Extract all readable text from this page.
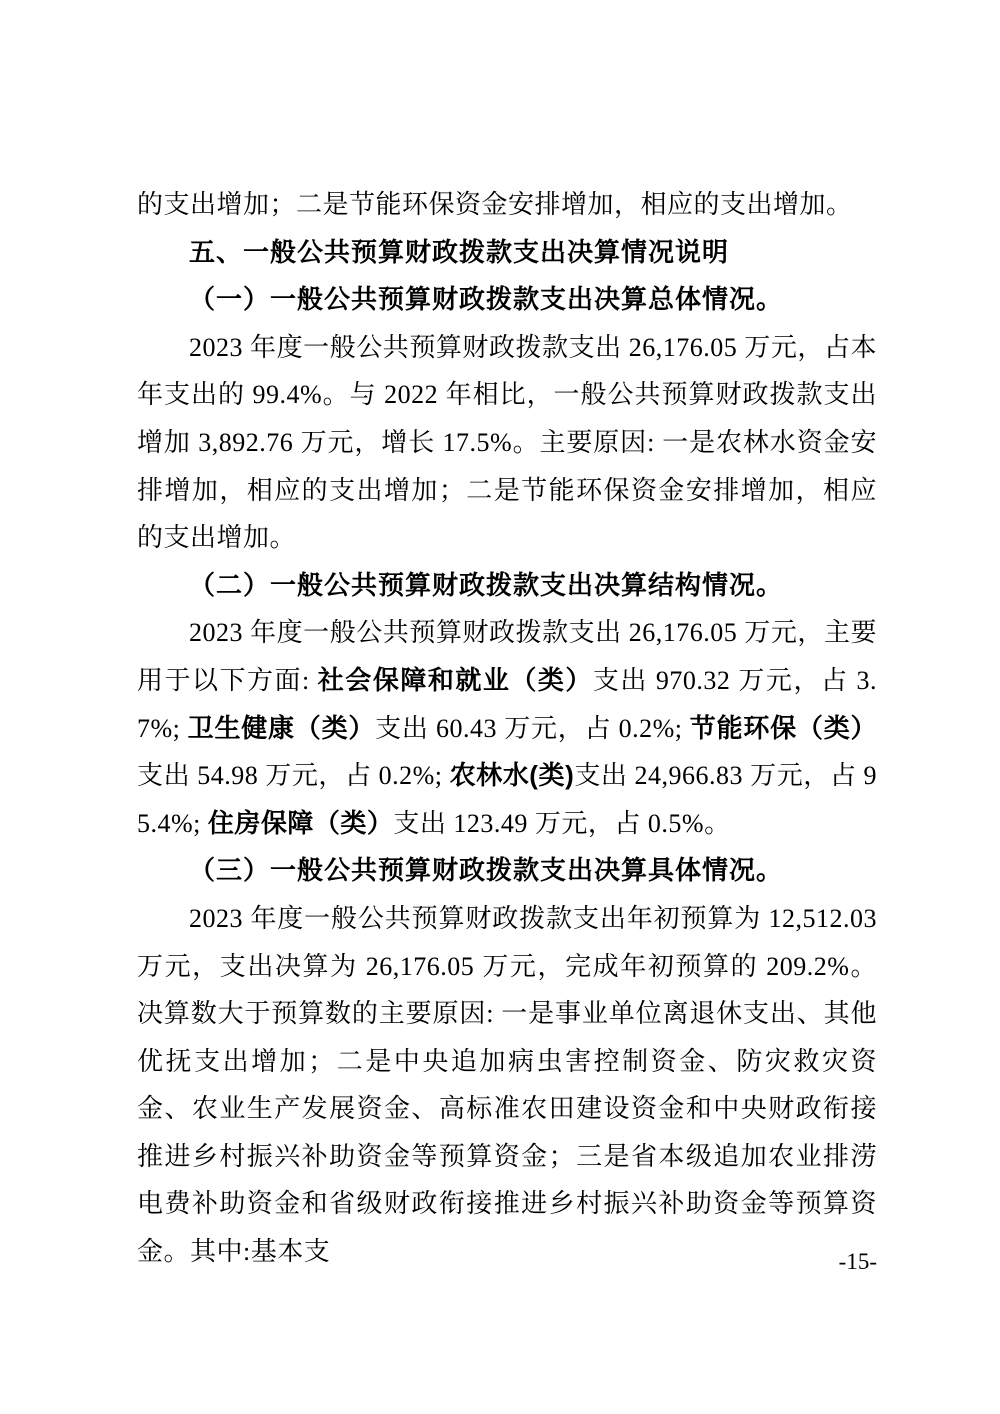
的支出增加；二是节能环保资金安排增加，相应的支出增加。

五、一般公共预算财政拨款支出决算情况说明

（一）一般公共预算财政拨款支出决算总体情况。

2023 年度一般公共预算财政拨款支出 26,176.05 万元，占本年支出的 99.4%。与 2022 年相比，一般公共预算财政拨款支出增加 3,892.76 万元，增长 17.5%。主要原因: 一是农林水资金安排增加，相应的支出增加；二是节能环保资金安排增加，相应的支出增加。

（二）一般公共预算财政拨款支出决算结构情况。

2023 年度一般公共预算财政拨款支出 26,176.05 万元，主要用于以下方面: 社会保障和就业（类）支出 970.32 万元，占 3.7%; 卫生健康（类）支出 60.43 万元，占 0.2%; 节能环保（类）支出 54.98 万元，占 0.2%; 农林水(类)支出 24,966.83 万元，占 95.4%; 住房保障（类）支出 123.49 万元，占 0.5%。

（三）一般公共预算财政拨款支出决算具体情况。

2023 年度一般公共预算财政拨款支出年初预算为 12,512.03 万元，支出决算为 26,176.05 万元，完成年初预算的 209.2%。决算数大于预算数的主要原因: 一是事业单位离退休支出、其他优抚支出增加；二是中央追加病虫害控制资金、防灾救灾资金、农业生产发展资金、高标准农田建设资金和中央财政衔接推进乡村振兴补助资金等预算资金；三是省本级追加农业排涝电费补助资金和省级财政衔接推进乡村振兴补助资金等预算资金。其中:基本支	-15-
